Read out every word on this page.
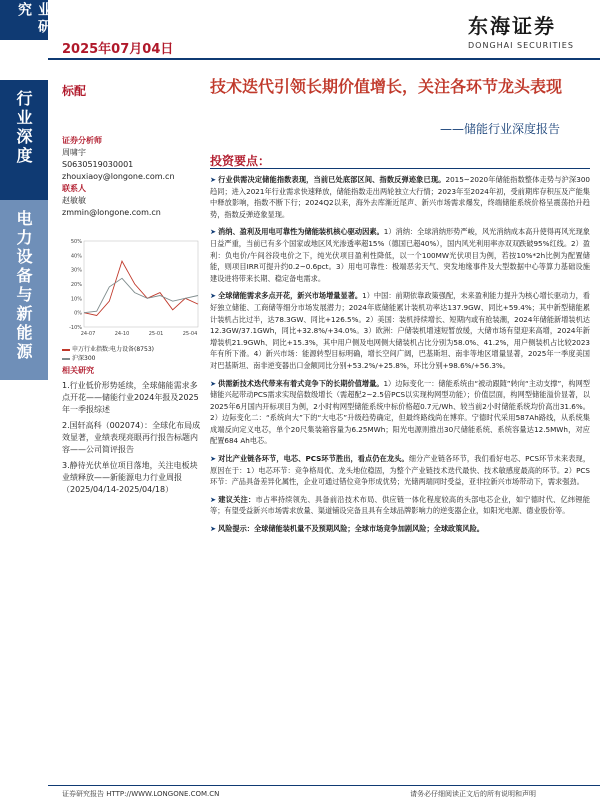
业研究
行业深度
电力设备与新能源
2025年07月04日
东海证券
DONGHAI SECURITIES
标配	技术迭代引领长期价值增长，关注各环节龙头表现
——储能行业深度报告
证券分析师
周啸宇
S0630519030001
zhouxiaoy@longone.com.cn
联系人
赵敏敏
zmmin@longone.com.cn
50%
40%
30%
20%
10%
0%
-10%
24-07	24-10	25-01	25-04
申万行业指数:电力设备(8753)
沪深300
相关研究
1.行业低价形势延续，全球储能需求多点开花——储能行业2024年报及2025年一季报综述
2.国轩高科（002074）：全球化布局成效显著，业绩表现亮眼再行报告标题内容——公司简评报告
3.静待光伏单位项目落地，关注电板块业绩释放——新能源电力行业周报（2025/04/14-2025/04/18）
投资要点：

➤ 行业供需决定储能指数表现，当前已处底部区间、指数反弹迹象已现。2015~2020年储能指数整体走势与沪深300趋同；进入2021年行业需求快速释放，储能指数走出两轮独立大行情；2023年至2024年初，受前期库存积压及产能集中释放影响，指数不断下行；2024Q2以来，海外去库渐近尾声、新兴市场需求爆发，终端储能系统价格呈震荡抬升趋势，指数反弹迹象显现。

➤ 消纳、盈利及用电可靠性为储能装机核心驱动因素。1）消纳：全球消纳形势严峻，风光消纳成本高升使得再风光现象日益严重，当前已有多个国家或地区风光渗透率超15%（德国已超40%），国内风光利用率亦双双跌破95%红线。2）盈利：负电价/午间谷段电价之下，纯光伏项目盈利性降低，以一个100MW光伏项目为例，若按10%*2h比例为配置储能，则项目IRR可提升约0.2~0.6pct。3）用电可靠性：极端恶劣天气、突发地缘事件及大型数据中心等算力基础设施建设进将带来长期、稳定备电需求。

➤ 全球储能需求多点开花，新兴市场增量显著。1）中国：前期依靠政策强配，未来盈利能力提升为核心增长驱动力，看好独立储能、工商储等细分市场发展潜力；2024年底储能累计装机功率达137.9GW、同比+59.4%；其中新型储能累计装机占比过半，达78.3GW、同比+126.5%。2）美国：装机持续增长、短期内或有抢装潮，2024年储能新增装机达12.3GW/37.1GWh，同比+32.8%/+34.0%。3）欧洲：户储装机增速短暂放缓，大储市场有望迎来高增，2024年新增装机21.9GWh、同比+15.3%，其中用户侧及电网侧大储装机占比分别为58.0%、41.2%，用户侧装机占比较2023年有所下滑。4）新兴市场：能源转型目标明确，增长空间广阔，巴基斯坦、南非等地区增量显著，2025年一季度美国对巴基斯坦、南非逆变器出口金额同比分别+53.2%/+25.8%，环比分别+98.6%/+56.3%。

➤ 供需新技术迭代带来有着式竞争下的长期价值增量。1）边际变化一：储能系统由“被动跟随”转向“主动支撑”，构网型储能兴起带动PCS需求实现倍数级增长（需超配2~2.5倍PCS以实现构网型功能）；价值层面，构网型储能溢价显著，以2025年6月国内开标项目为例，2小时构网型储能系统中标价格超0.7元/Wh、较当前2小时储能系统均价高出31.6%。2）边际变化二：“系统向大”下的“大电芯”升级趋势确定，但最终路线尚在博弈。宁德时代采用587Ah路线，从系统集成端反向定义电芯，单个20尺集装箱容量为6.25MWh；阳光电源则推出30尺储能系统、系统容量达12.5MWh，对应配置684 Ah电芯。

➤ 对比产业链各环节，电芯、PCS环节胜出，看点仍在龙头。细分产业链各环节，我们看好电芯、PCS环节未来表现，原因在于：1）电芯环节：竞争格局优、龙头地位稳固，为整个产业链技术迭代最快、技术敏感度最高的环节。2）PCS环节：产品具备差异化属性，企业可通过错位竞争形成优势；光储两端同时受益，亚非拉新兴市场带动下，需求强劲。

➤ 建议关注：市占率持续领先、具备前沿技术布局、供应链一体化程度较高的头部电芯企业，如宁德时代、亿纬锂能等；有望受益新兴市场需求放量、渠道铺设完备且具有全球品牌影响力的逆变器企业，如阳光电源、德业股份等。

➤ 风险提示：全球储能装机量不及预期风险；全球市场竞争加剧风险；全球政策风险。

证券研究报告 HTTP://WWW.LONGONE.COM.CN	请务必仔细阅读正文后的所有说明和声明
